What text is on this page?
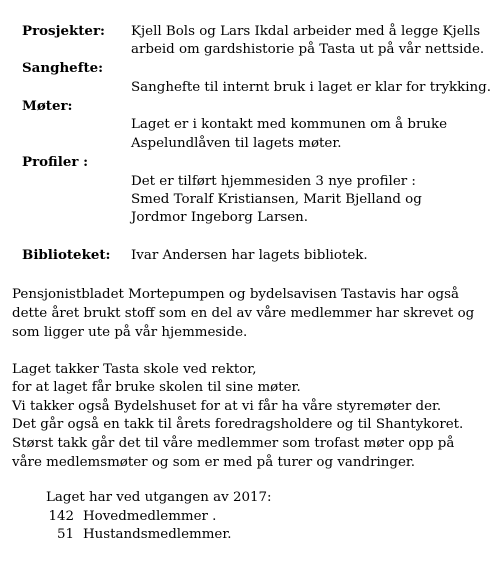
Prosjekter: Kjell Bols og Lars Ikdal arbeider med å legge Kjells
arbeid om gardshistorie på Tasta ut på vår nettside.
Sanghefte:
Sanghefte til internt bruk i laget er klar for trykking.
Møter:
Laget er i kontakt med kommunen om å bruke
Aspelundlåven til lagets møter.
Profiler :
Det er tilført hjemmesiden 3 nye profiler :
Smed Toralf Kristiansen, Marit Bjelland og
Jordmor Ingeborg Larsen.
Biblioteket: Ivar Andersen har lagets bibliotek.
Pensjonistbladet Mortepumpen og bydelsavisen Tastavis har også
dette året brukt stoff som en del av våre medlemmer har skrevet og
som ligger ute på vår hjemmeside.
Laget takker Tasta skole ved rektor,
for at laget får bruke skolen til sine møter.
Vi takker også Bydelshuset for at vi får ha våre styremøter der.
Det går også en takk til årets foredragsholdere og til Shantykoret.
Størst takk går det til våre medlemmer som trofast møter opp på
våre medlemsmøter og som er med på turer og vandringer.
Laget har ved utgangen av 2017:
142 Hovedmedlemmer .
51 Hustandsmedlemmer.
